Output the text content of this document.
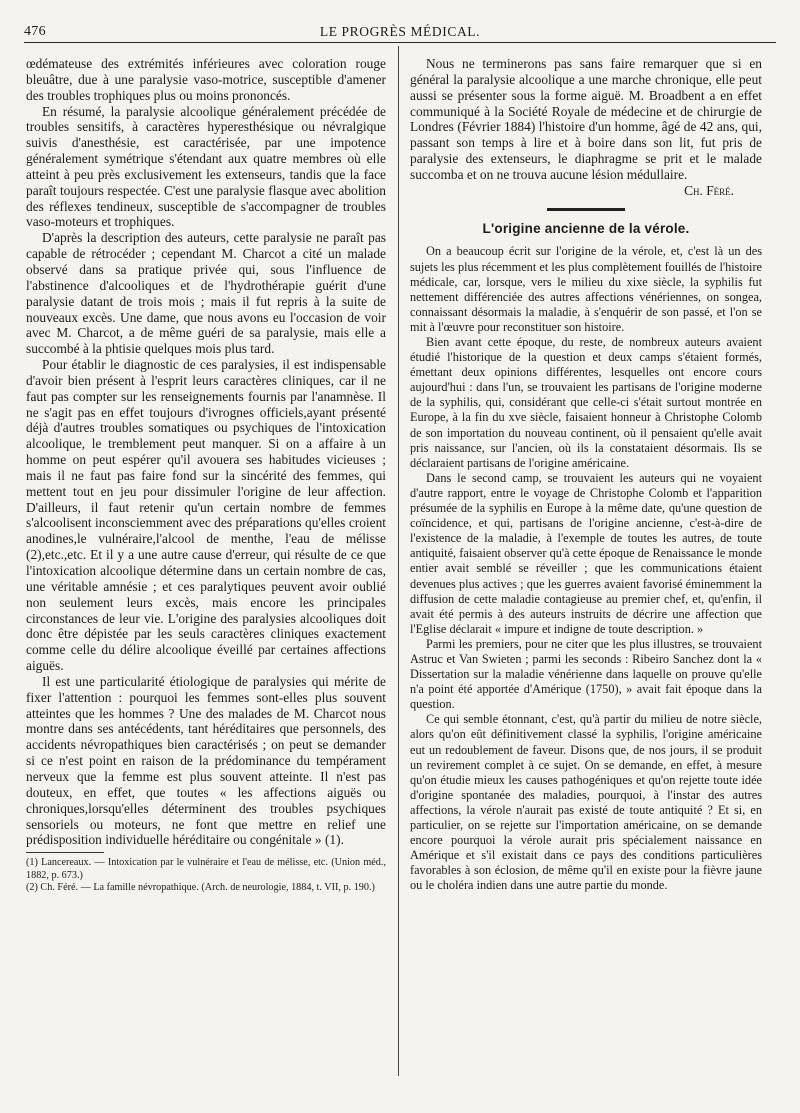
476	LE PROGRÈS MÉDICAL.

œdémateuse des extrémités inférieures avec coloration rouge bleuâtre, due à une paralysie vaso-motrice, susceptible d'amener des troubles trophiques plus ou moins prononcés.

En résumé, la paralysie alcoolique généralement précédée de troubles sensitifs, à caractères hyperesthésique ou névralgique suivis d'anesthésie, est caractérisée, par une impotence généralement symétrique s'étendant aux quatre membres où elle atteint à peu près exclusivement les extenseurs, tandis que la face paraît toujours respectée. C'est une paralysie flasque avec abolition des réflexes tendineux, susceptible de s'accompagner de troubles vaso-moteurs et trophiques.

D'après la description des auteurs, cette paralysie ne paraît pas capable de rétrocéder ; cependant M. Charcot a cité un malade observé dans sa pratique privée qui, sous l'influence de l'abstinence d'alcooliques et de l'hydrothérapie guérit d'une paralysie datant de trois mois ; mais il fut repris à la suite de nouveaux excès. Une dame, que nous avons eu l'occasion de voir avec M. Charcot, a de même guéri de sa paralysie, mais elle a succombé à la phtisie quelques mois plus tard.

Pour établir le diagnostic de ces paralysies, il est indispensable d'avoir bien présent à l'esprit leurs caractères cliniques, car il ne faut pas compter sur les renseignements fournis par l'anamnèse. Il ne s'agit pas en effet toujours d'ivrognes officiels,ayant présenté déjà d'autres troubles somatiques ou psychiques de l'intoxication alcoolique, le tremblement peut manquer. Si on a affaire à un homme on peut espérer qu'il avouera ses habitudes vicieuses ; mais il ne faut pas faire fond sur la sincérité des femmes, qui mettent tout en jeu pour dissimuler l'origine de leur affection. D'ailleurs, il faut retenir qu'un certain nombre de femmes s'alcoolisent inconsciemment avec des préparations qu'elles croient anodines,le vulnéraire,l'alcool de menthe, l'eau de mélisse (2),etc.,etc. Et il y a une autre cause d'erreur, qui résulte de ce que l'intoxication alcoolique détermine dans un certain nombre de cas, une véritable amnésie ; et ces paralytiques peuvent avoir oublié non seulement leurs excès, mais encore les principales circonstances de leur vie. L'origine des paralysies alcooliques doit donc être dépistée par les seuls caractères cliniques exactement comme celle du délire alcoolique éveillé par certaines affections aiguës.

Il est une particularité étiologique de paralysies qui mérite de fixer l'attention : pourquoi les femmes sont-elles plus souvent atteintes que les hommes ? Une des malades de M. Charcot nous montre dans ses antécédents, tant héréditaires que personnels, des accidents névropathiques bien caractérisés ; on peut se demander si ce n'est point en raison de la prédominance du tempérament nerveux que la femme est plus souvent atteinte. Il n'est pas douteux, en effet, que toutes « les affections aiguës ou chroniques,lorsqu'elles déterminent des troubles psychiques sensoriels ou moteurs, ne font que mettre en relief une prédisposition individuelle héréditaire ou congénitale » (1).

(1) Lancereaux. — Intoxication par le vulnéraire et l'eau de mélisse, etc. (Union méd., 1882, p. 673.)

(2) Ch. Féré. — La famille névropathique. (Arch. de neurologie, 1884, t. VII, p. 190.)

Nous ne terminerons pas sans faire remarquer que si en général la paralysie alcoolique a une marche chronique, elle peut aussi se présenter sous la forme aiguë. M. Broadbent a en effet communiqué à la Société Royale de médecine et de chirurgie de Londres (Février 1884) l'histoire d'un homme, âgé de 42 ans, qui, passant son temps à lire et à boire dans son lit, fut pris de paralysie des extenseurs, le diaphragme se prit et le malade succomba et on ne trouva aucune lésion médullaire.

Ch. Féré.
L'origine ancienne de la vérole.

On a beaucoup écrit sur l'origine de la vérole, et, c'est là un des sujets les plus récemment et les plus complètement fouillés de l'histoire médicale, car, lorsque, vers le milieu du xixe siècle, la syphilis fut nettement différenciée des autres affections vénériennes, on songea, connaissant désormais la maladie, à s'enquérir de son passé, et l'on se mit à l'œuvre pour reconstituer son histoire.

Bien avant cette époque, du reste, de nombreux auteurs avaient étudié l'historique de la question et deux camps s'étaient formés, émettant deux opinions différentes, lesquelles ont encore cours aujourd'hui : dans l'un, se trouvaient les partisans de l'origine moderne de la syphilis, qui, considérant que celle-ci s'était surtout montrée en Europe, à la fin du xve siècle, faisaient honneur à Christophe Colomb de son importation du nouveau continent, où il pensaient qu'elle avait pris naissance, sur l'ancien, où ils la constataient désormais. Ils se déclaraient partisans de l'origine américaine.

Dans le second camp, se trouvaient les auteurs qui ne voyaient d'autre rapport, entre le voyage de Christophe Colomb et l'apparition présumée de la syphilis en Europe à la même date, qu'une question de coïncidence, et qui, partisans de l'origine ancienne, c'est-à-dire de l'existence de la maladie, à l'exemple de toutes les autres, de toute antiquité, faisaient observer qu'à cette époque de Renaissance le monde entier avait semblé se réveiller ; que les communications étaient devenues plus actives ; que les guerres avaient favorisé éminemment la diffusion de cette maladie contagieuse au premier chef, et, qu'enfin, il avait été permis à des auteurs instruits de décrire une affection que l'Eglise déclarait « impure et indigne de toute description. »

Parmi les premiers, pour ne citer que les plus illustres, se trouvaient Astruc et Van Swieten ; parmi les seconds : Ribeiro Sanchez dont la « Dissertation sur la maladie vénérienne dans laquelle on prouve qu'elle n'a point été apportée d'Amérique (1750), » avait fait époque dans la question.

Ce qui semble étonnant, c'est, qu'à partir du milieu de notre siècle, alors qu'on eût définitivement classé la syphilis, l'origine américaine eut un redoublement de faveur. Disons que, de nos jours, il se produit un revirement complet à ce sujet. On se demande, en effet, à mesure qu'on étudie mieux les causes pathogéniques et qu'on rejette toute idée d'origine spontanée des maladies, pourquoi, à l'instar des autres affections, la vérole n'aurait pas existé de toute antiquité ? Et si, en particulier, on se rejette sur l'importation américaine, on se demande encore pourquoi la vérole aurait pris spécialement naissance en Amérique et s'il existait dans ce pays des conditions particulières favorables à son éclosion, de même qu'il en existe pour la fièvre jaune ou le choléra indien dans une autre partie du monde.
